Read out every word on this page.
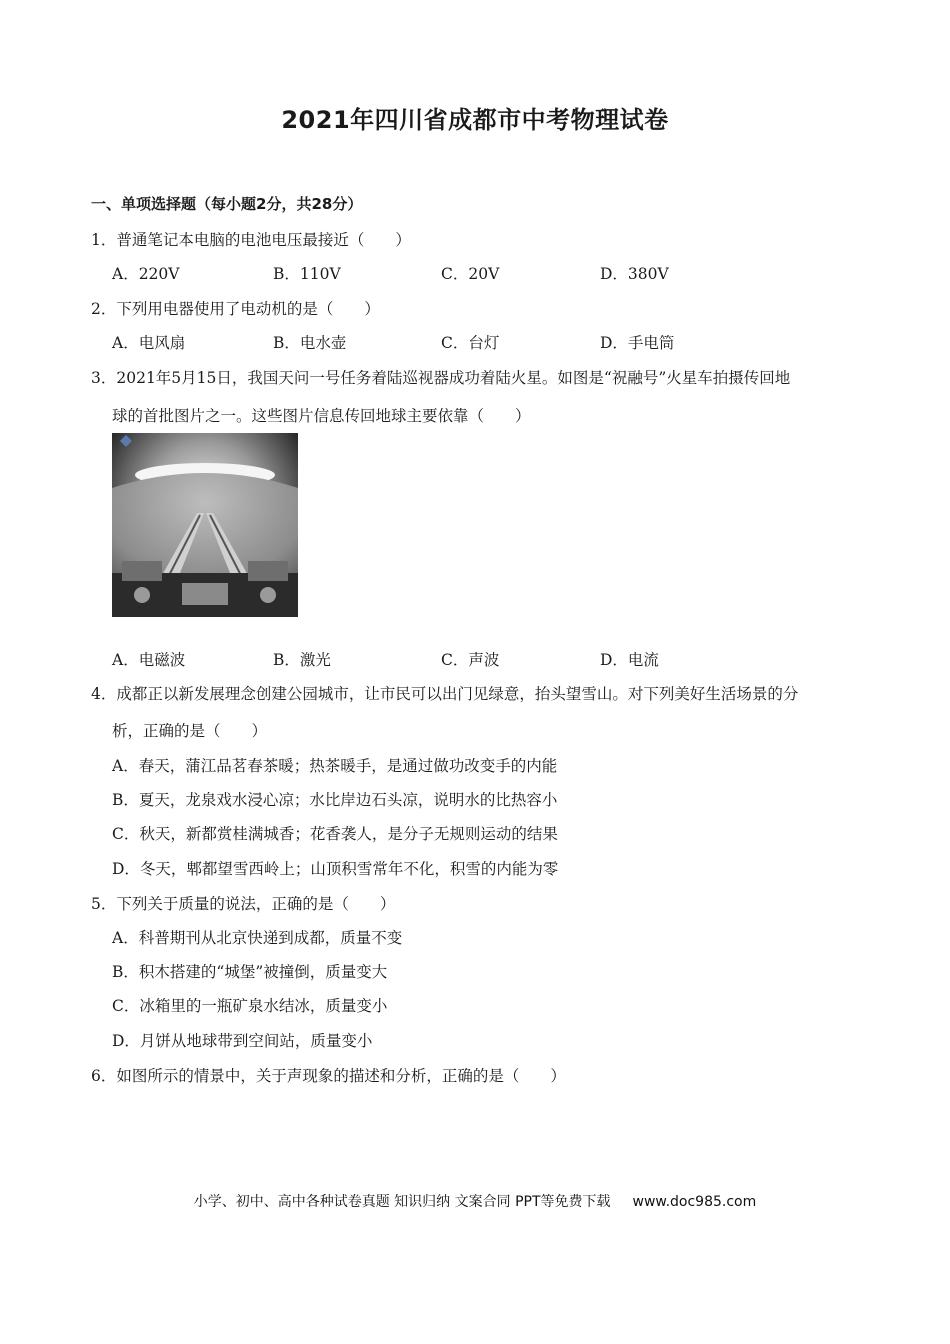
2021年四川省成都市中考物理试卷
一、单项选择题（每小题2分，共28分）
1．普通笔记本电脑的电池电压最接近（　　）
A．220V	B．110V	C．20V	D．380V
2．下列用电器使用了电动机的是（　　）
A．电风扇	B．电水壶	C．台灯	D．手电筒
3．2021年5月15日，我国天问一号任务着陆巡视器成功着陆火星。如图是“祝融号”火星车拍摄传回地
球的首批图片之一。这些图片信息传回地球主要依靠（　　）
A．电磁波	B．激光	C．声波	D．电流
4．成都正以新发展理念创建公园城市，让市民可以出门见绿意，抬头望雪山。对下列美好生活场景的分
析，正确的是（　　）
A．春天，蒲江品茗春茶暖；热茶暖手，是通过做功改变手的内能
B．夏天，龙泉戏水浸心凉；水比岸边石头凉，说明水的比热容小
C．秋天，新都赏桂满城香；花香袭人，是分子无规则运动的结果
D．冬天，郫都望雪西岭上；山顶积雪常年不化，积雪的内能为零
5．下列关于质量的说法，正确的是（　　）
A．科普期刊从北京快递到成都，质量不变
B．积木搭建的“城堡”被撞倒，质量变大
C．冰箱里的一瓶矿泉水结冰，质量变小
D．月饼从地球带到空间站，质量变小
6．如图所示的情景中，关于声现象的描述和分析，正确的是（　　）
小学、初中、高中各种试卷真题 知识归纳 文案合同 PPT等免费下载 www.doc985.com
